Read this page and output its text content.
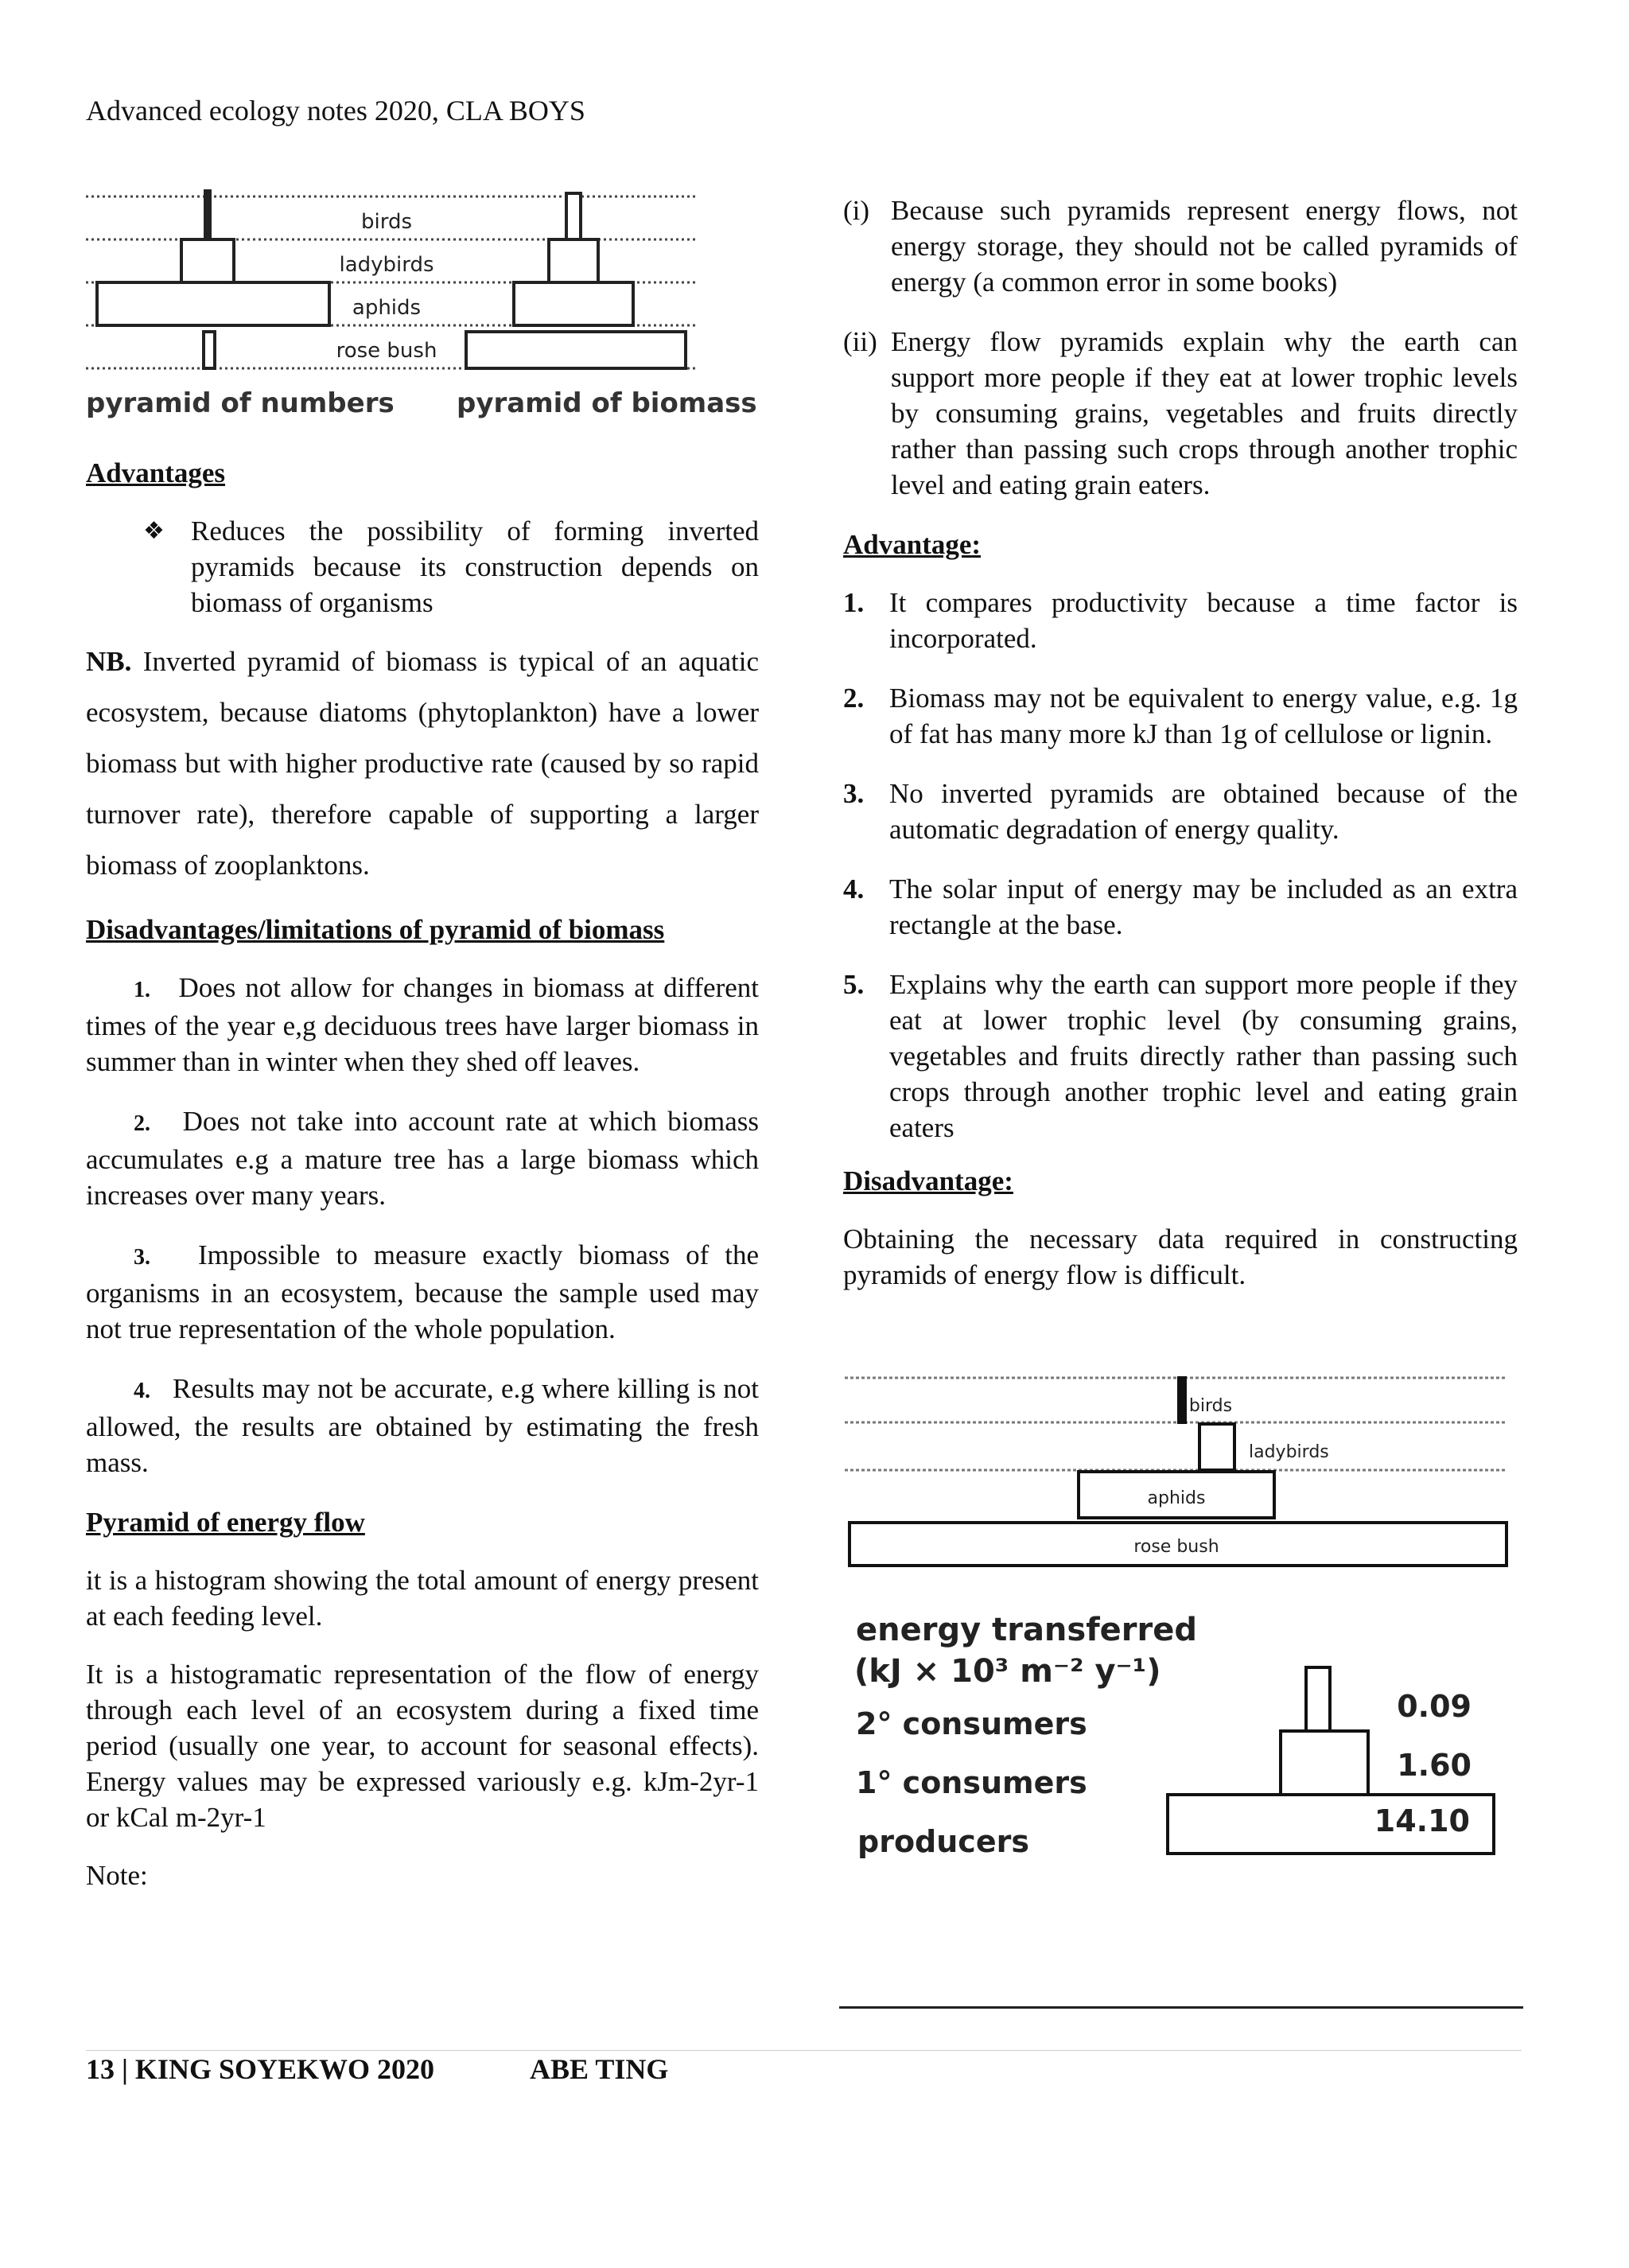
Advanced ecology notes 2020, CLA BOYS
birds
ladybirds
aphids
rose bush
pyramid of numbers pyramid of biomass
Advantages
❖ Reduces the possibility of forming inverted pyramids because its construction depends on biomass of organisms

NB. Inverted pyramid of biomass is typical of an aquatic ecosystem, because diatoms (phytoplankton) have a lower biomass but with higher productive rate (caused by so rapid turnover rate), therefore capable of supporting a larger biomass of zooplanktons.

Disadvantages/limitations of pyramid of biomass

1. Does not allow for changes in biomass at different times of the year e,g deciduous trees have larger biomass in summer than in winter when they shed off leaves.

2. Does not take into account rate at which biomass accumulates e.g a mature tree has a large biomass which increases over many years.

3. Impossible to measure exactly biomass of the organisms in an ecosystem, because the sample used may not true representation of the whole population.

4. Results may not be accurate, e.g where killing is not allowed, the results are obtained by estimating the fresh mass.

Pyramid of energy flow

it is a histogram showing the total amount of energy present at each feeding level.

It is a histogramatic representation of the flow of energy through each level of an ecosystem during a fixed time period (usually one year, to account for seasonal effects). Energy values may be expressed variously e.g. kJm-2yr-1 or kCal m-2yr-1

Note:

(i) Because such pyramids represent energy flows, not energy storage, they should not be called pyramids of energy (a common error in some books)
(ii) Energy flow pyramids explain why the earth can support more people if they eat at lower trophic levels by consuming grains, vegetables and fruits directly rather than passing such crops through another trophic level and eating grain eaters.
Advantage:
1. It compares productivity because a time factor is incorporated.
2. Biomass may not be equivalent to energy value, e.g. 1g of fat has many more kJ than 1g of cellulose or lignin.
3. No inverted pyramids are obtained because of the automatic degradation of energy quality.
4. The solar input of energy may be included as an extra rectangle at the base.
5. Explains why the earth can support more people if they eat at lower trophic level (by consuming grains, vegetables and fruits directly rather than passing such crops through another trophic level and eating grain eaters
Disadvantage:

Obtaining the necessary data required in constructing pyramids of energy flow is difficult.

birds
ladybirds
aphids
rose bush
energy transferred
(kJ × 10³ m⁻² y⁻¹)
2° consumers
1° consumers
producers
0.09
1.60
14.10
13 | KING SOYEKWO 2020	ABE TING
